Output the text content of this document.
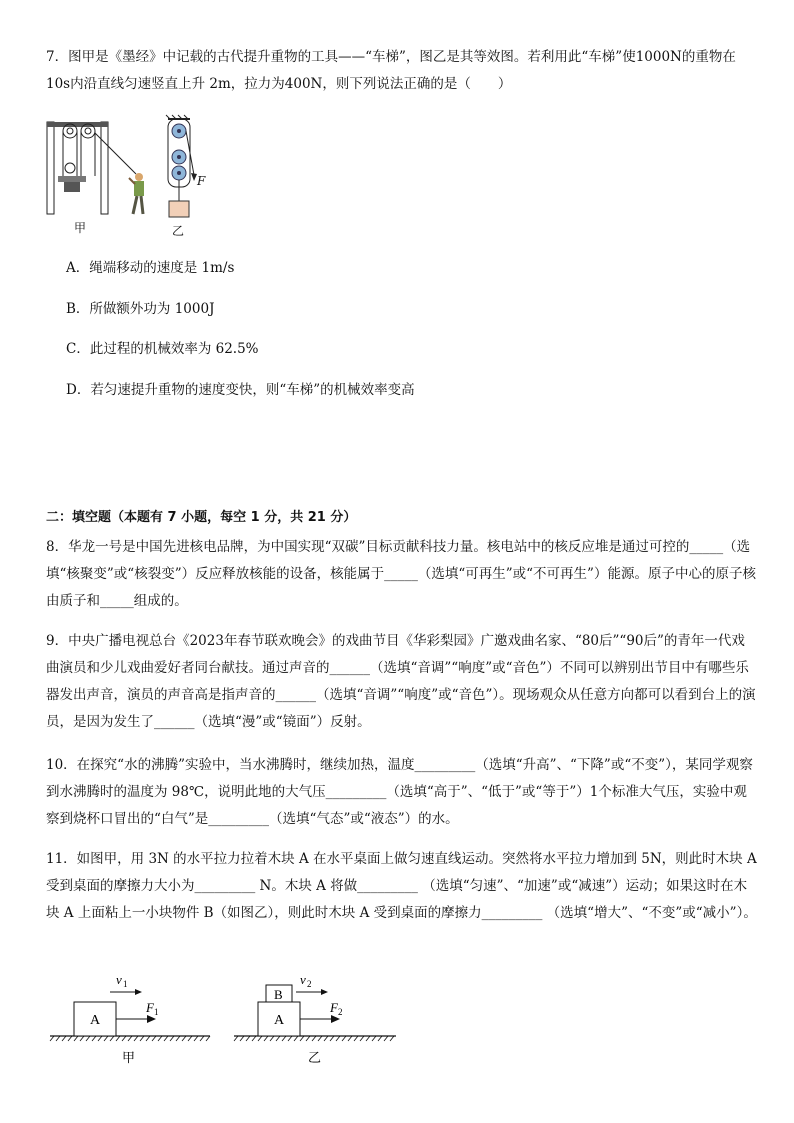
7．图甲是《墨经》中记载的古代提升重物的工具——“车梯”，图乙是其等效图。若利用此“车梯”使1000N的重物在10s内沿直线匀速竖直上升 2m，拉力为400N，则下列说法正确的是（　　）
甲
F
乙
A．绳端移动的速度是 1m/s
B．所做额外功为 1000J
C．此过程的机械效率为 62.5%
D．若匀速提升重物的速度变快，则“车梯”的机械效率变高
二：填空题（本题有 7 小题，每空 1 分，共 21 分）
8．华龙一号是中国先进核电品牌，为中国实现“双碳”目标贡献科技力量。核电站中的核反应堆是通过可控的_____（选填“核聚变”或“核裂变”）反应释放核能的设备，核能属于_____（选填“可再生”或“不可再生”）能源。原子中心的原子核由质子和_____组成的。
9．中央广播电视总台《2023年春节联欢晚会》的戏曲节目《华彩梨园》广邀戏曲名家、“80后”“90后”的青年一代戏曲演员和少儿戏曲爱好者同台献技。通过声音的______（选填“音调”“响度”或“音色”）不同可以辨别出节目中有哪些乐器发出声音，演员的声音高是指声音的______（选填“音调”“响度”或“音色”）。现场观众从任意方向都可以看到台上的演员，是因为发生了______（选填“漫”或“镜面”）反射。
10．在探究“水的沸腾”实验中，当水沸腾时，继续加热，温度_________（选填“升高”、“下降”或“不变”），某同学观察到水沸腾时的温度为 98℃，说明此地的大气压_________（选填“高于”、“低于”或“等于”）1个标准大气压，实验中观察到烧杯口冒出的“白气”是_________（选填“气态”或“液态”）的水。
11．如图甲，用 3N 的水平拉力拉着木块 A 在水平桌面上做匀速直线运动。突然将水平拉力增加到 5N，则此时木块 A 受到桌面的摩擦力大小为_________ N。木块 A 将做_________ （选填“匀速”、“加速”或“减速”）运动；如果这时在木块 A 上面粘上一小块物件 B（如图乙），则此时木块 A 受到桌面的摩擦力_________ （选填“增大”、“不变”或“减小”）。
A
F 1
v 1
甲
A
B
F 2
v 2
乙
